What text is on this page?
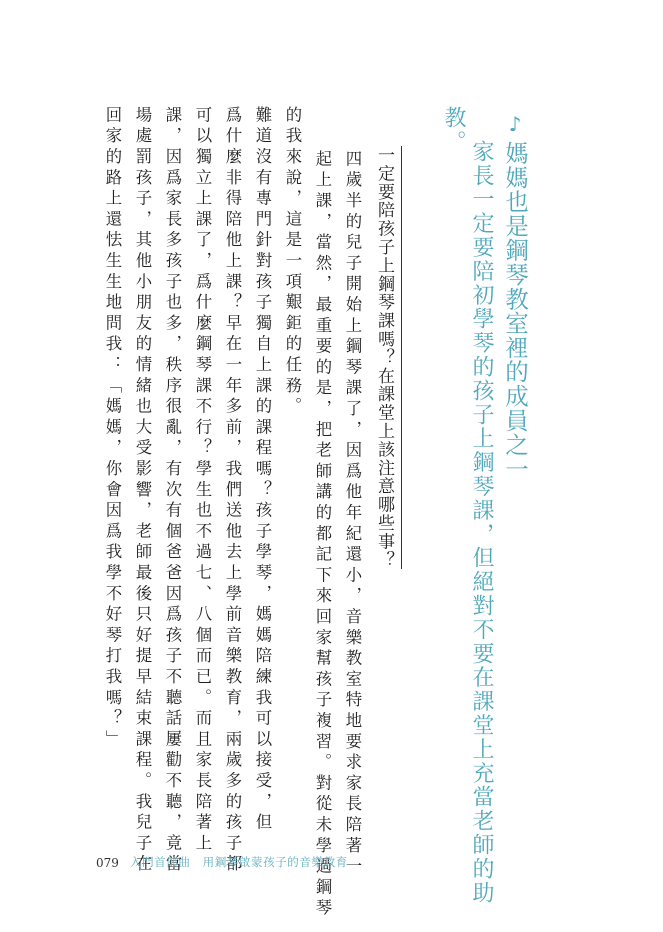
♪媽媽也是鋼琴教室裡的成員之一
家長一定要陪初學琴的孩子上鋼琴課，但絕對不要在課堂上充當老師的助
教。
一定要陪孩子上鋼琴課嗎？在課堂上該注意哪些事？
四歲半的兒子開始上鋼琴課了，因爲他年紀還小，音樂教室特地要求家長陪著一
起上課，當然，最重要的是，把老師講的都記下來回家幫孩子複習。對從未學過鋼琴
的我來說，這是一項艱鉅的任務。
難道沒有專門針對孩子獨自上課的課程嗎？孩子學琴，媽媽陪練我可以接受，但
爲什麼非得陪他上課？早在一年多前，我們送他去上學前音樂教育，兩歲多的孩子都
可以獨立上課了，爲什麼鋼琴課不行？學生也不過七、八個而已。而且家長陪著上
課，因爲家長多孩子也多，秩序很亂，有次有個爸爸因爲孩子不聽話屢勸不聽，竟當
場處罰孩子，其他小朋友的情緒也大受影響，老師最後只好提早結束課程。我兒子在
回家的路上還怯生生地問我：「媽媽，你會因爲我學不好琴打我嗎？」
079 入門首部曲　用鋼琴啟蒙孩子的音樂教育
